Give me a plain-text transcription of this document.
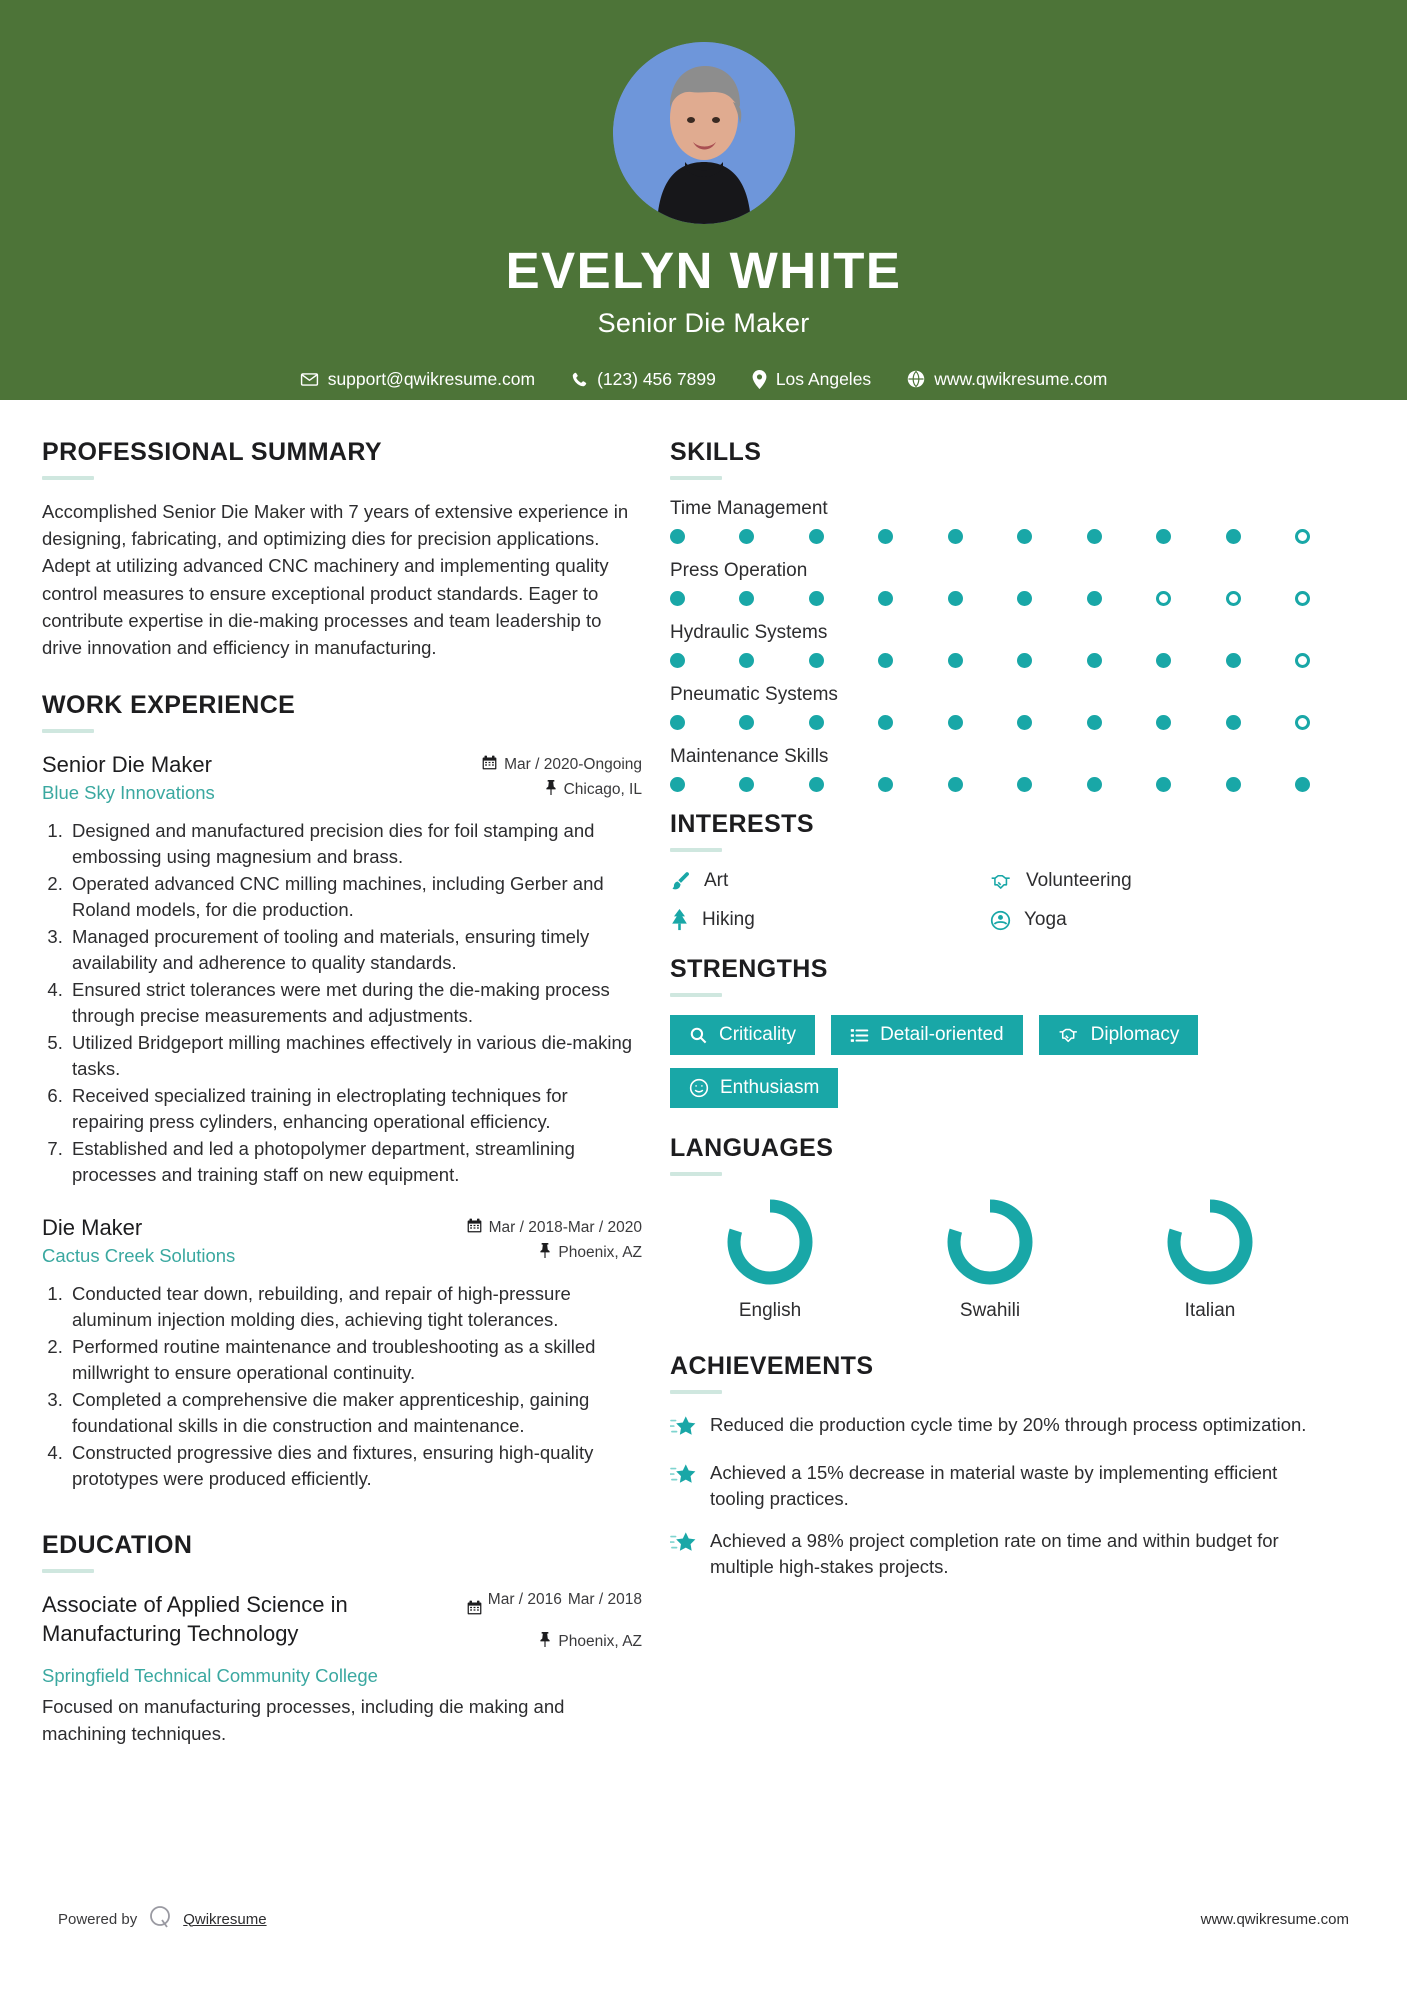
EVELYN WHITE
Senior Die Maker
support@qwikresume.com	(123) 456 7899	Los Angeles	www.qwikresume.com
PROFESSIONAL SUMMARY
Accomplished Senior Die Maker with 7 years of extensive experience in designing, fabricating, and optimizing dies for precision applications. Adept at utilizing advanced CNC machinery and implementing quality control measures to ensure exceptional product standards. Eager to contribute expertise in die-making processes and team leadership to drive innovation and efficiency in manufacturing.
WORK EXPERIENCE
Senior Die Maker
Blue Sky Innovations
Mar / 2020-Ongoing
Chicago, IL
1. Designed and manufactured precision dies for foil stamping and embossing using magnesium and brass.
2. Operated advanced CNC milling machines, including Gerber and Roland models, for die production.
3. Managed procurement of tooling and materials, ensuring timely availability and adherence to quality standards.
4. Ensured strict tolerances were met during the die-making process through precise measurements and adjustments.
5. Utilized Bridgeport milling machines effectively in various die-making tasks.
6. Received specialized training in electroplating techniques for repairing press cylinders, enhancing operational efficiency.
7. Established and led a photopolymer department, streamlining processes and training staff on new equipment.
Die Maker
Cactus Creek Solutions
Mar / 2018-Mar / 2020
Phoenix, AZ
1. Conducted tear down, rebuilding, and repair of high-pressure aluminum injection molding dies, achieving tight tolerances.
2. Performed routine maintenance and troubleshooting as a skilled millwright to ensure operational continuity.
3. Completed a comprehensive die maker apprenticeship, gaining foundational skills in die construction and maintenance.
4. Constructed progressive dies and fixtures, ensuring high-quality prototypes were produced efficiently.
EDUCATION
Associate of Applied Science in Manufacturing Technology
Mar / 2016 Mar / 2018
Phoenix, AZ
Springfield Technical Community College
Focused on manufacturing processes, including die making and machining techniques.
SKILLS
Time Management
Press Operation
Hydraulic Systems
Pneumatic Systems
Maintenance Skills
INTERESTS
Art	Volunteering
Hiking	Yoga
STRENGTHS
Criticality	Detail-oriented	Diplomacy
Enthusiasm
LANGUAGES
English	Swahili	Italian
ACHIEVEMENTS
Reduced die production cycle time by 20% through process optimization.
Achieved a 15% decrease in material waste by implementing efficient tooling practices.
Achieved a 98% project completion rate on time and within budget for multiple high-stakes projects.
Powered by	Qwikresume	www.qwikresume.com
